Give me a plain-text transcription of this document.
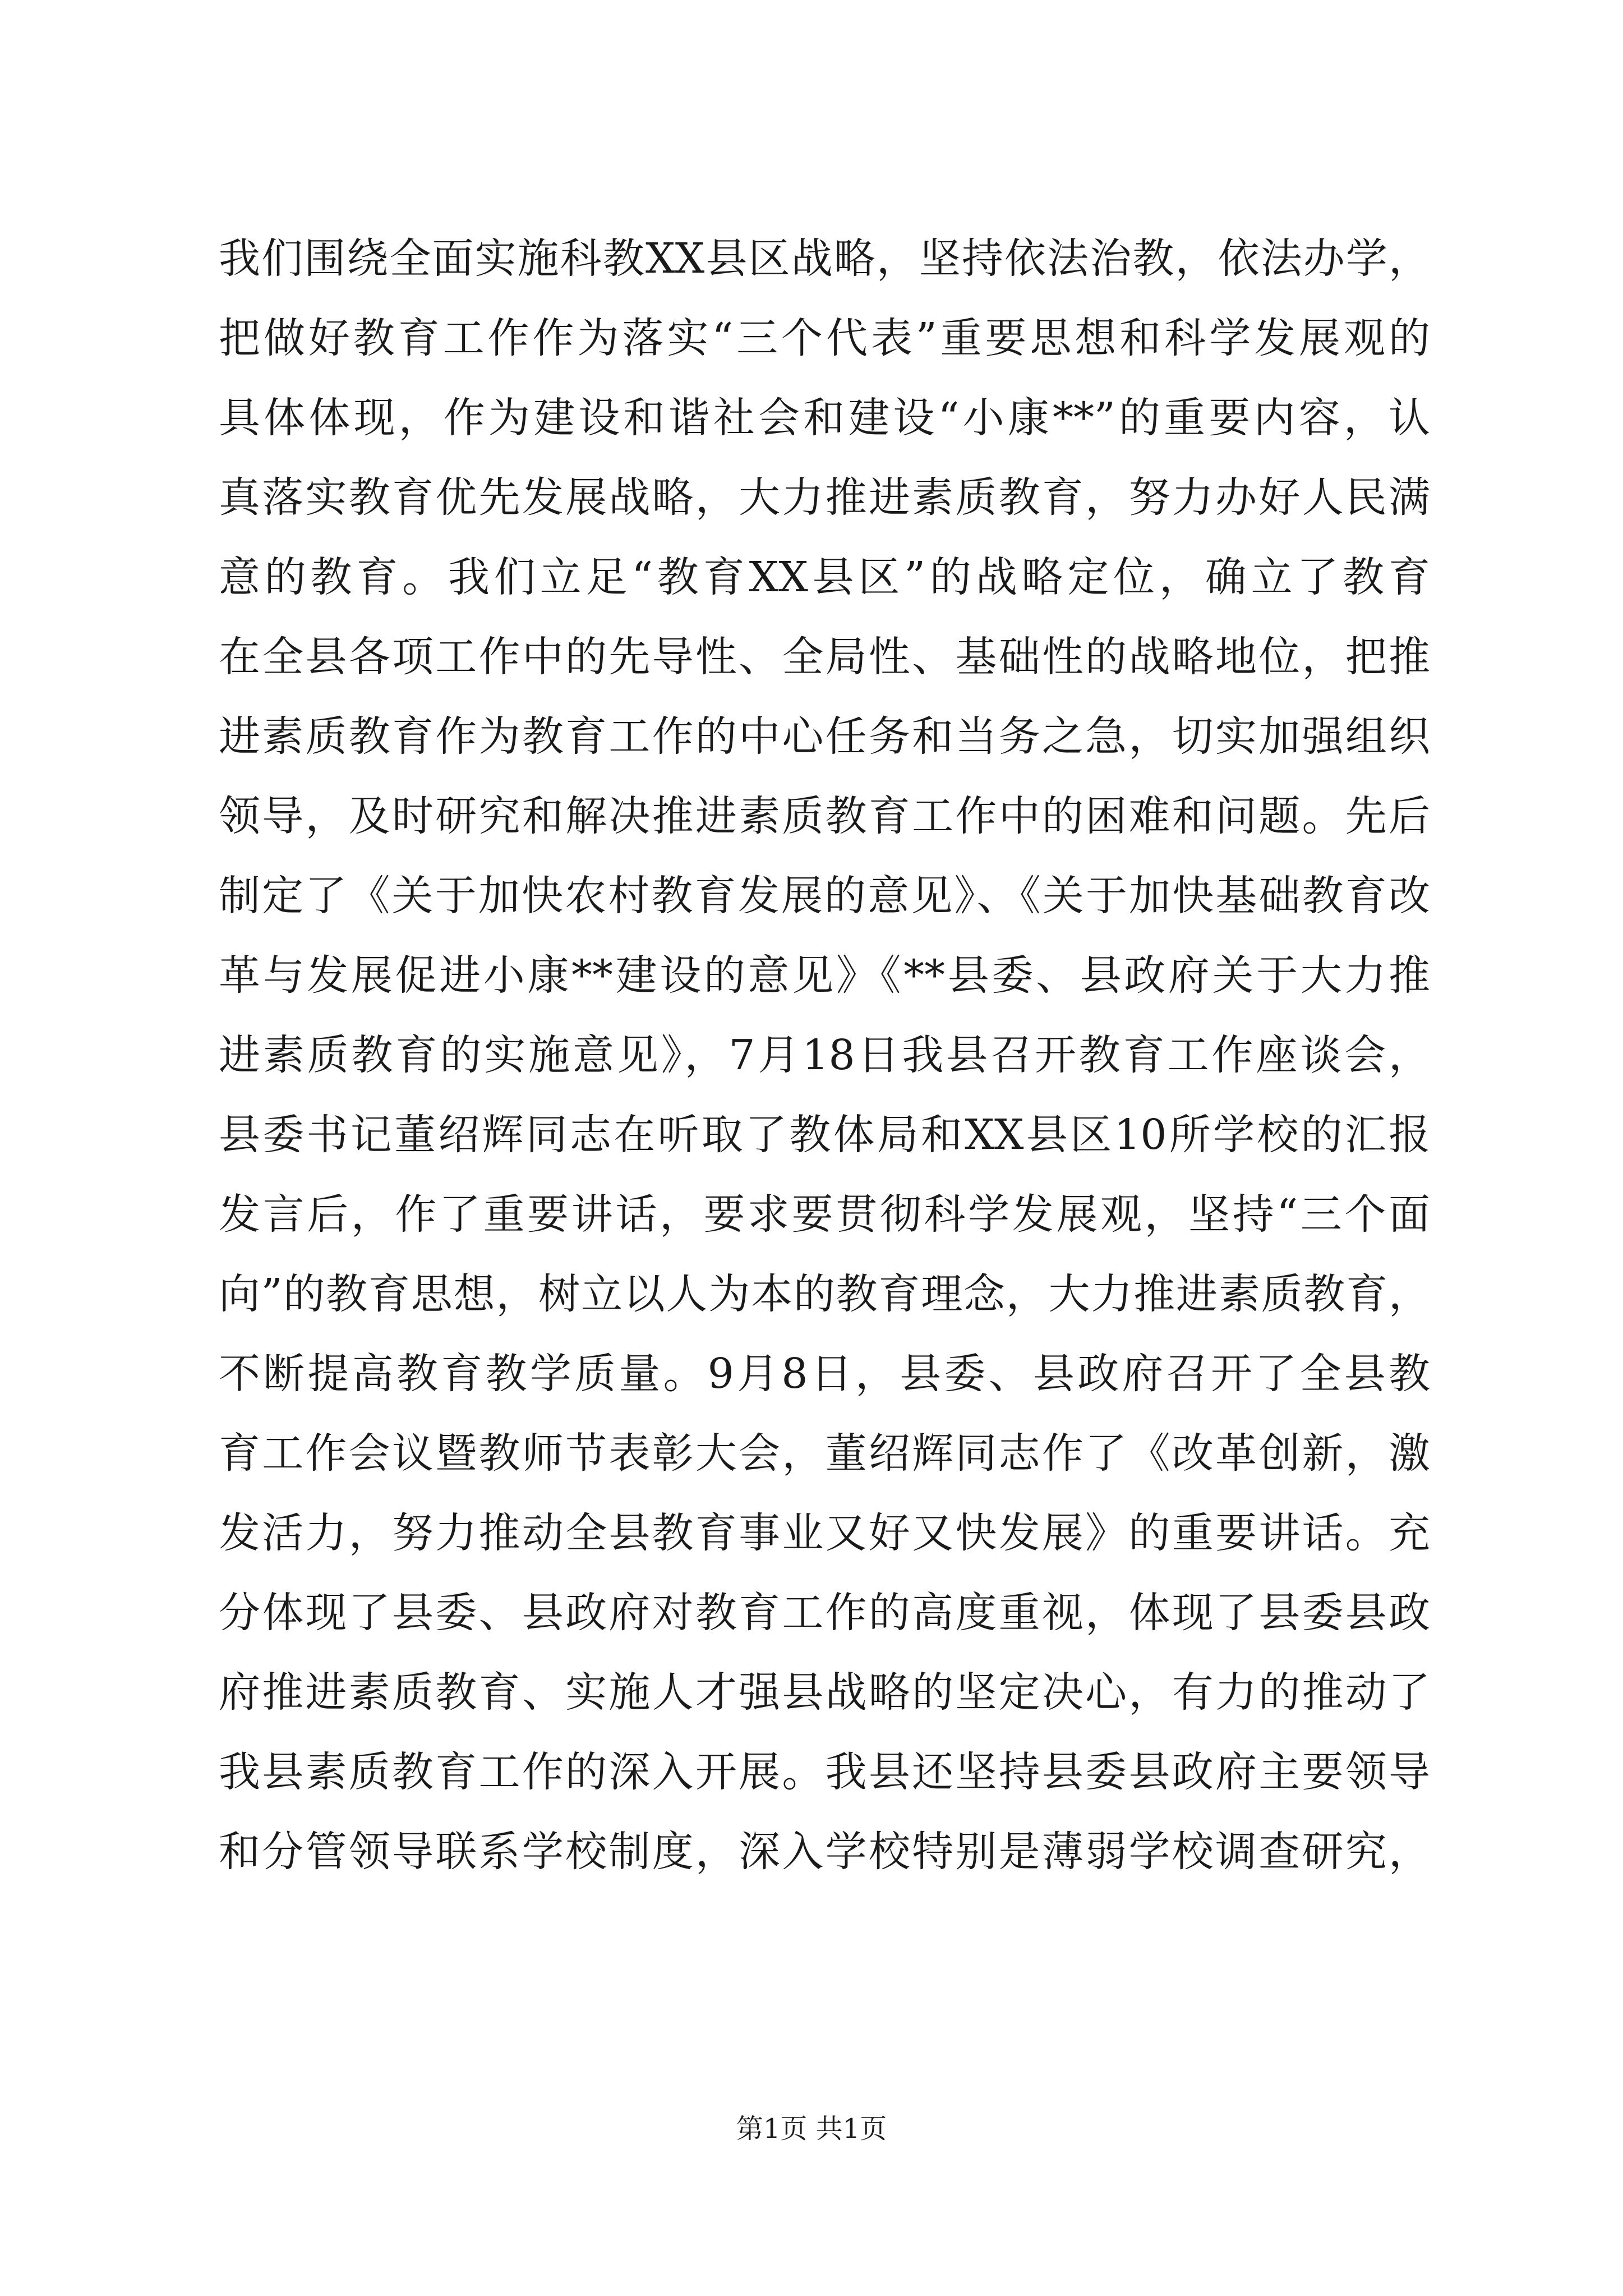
我们围绕全面实施科教XX县区战略，坚持依法治教，依法办学，
把做好教育工作作为落实“三个代表”重要思想和科学发展观的
具体体现，作为建设和谐社会和建设“小康**”的重要内容，认
真落实教育优先发展战略，大力推进素质教育，努力办好人民满
意的教育。我们立足“教育XX县区”的战略定位，确立了教育
在全县各项工作中的先导性、全局性、基础性的战略地位，把推
进素质教育作为教育工作的中心任务和当务之急，切实加强组织
领导，及时研究和解决推进素质教育工作中的困难和问题。先后
制定了《关于加快农村教育发展的意见》、《关于加快基础教育改
革与发展促进小康**建设的意见》《**县委、县政府关于大力推
进素质教育的实施意见》，7月18日我县召开教育工作座谈会，
县委书记董绍辉同志在听取了教体局和XX县区10所学校的汇报
发言后，作了重要讲话，要求要贯彻科学发展观，坚持“三个面
向”的教育思想，树立以人为本的教育理念，大力推进素质教育，
不断提高教育教学质量。9月8日，县委、县政府召开了全县教
育工作会议暨教师节表彰大会，董绍辉同志作了《改革创新，激
发活力，努力推动全县教育事业又好又快发展》的重要讲话。充
分体现了县委、县政府对教育工作的高度重视，体现了县委县政
府推进素质教育、实施人才强县战略的坚定决心，有力的推动了
我县素质教育工作的深入开展。我县还坚持县委县政府主要领导
和分管领导联系学校制度，深入学校特别是薄弱学校调查研究，
第1页 共1页
